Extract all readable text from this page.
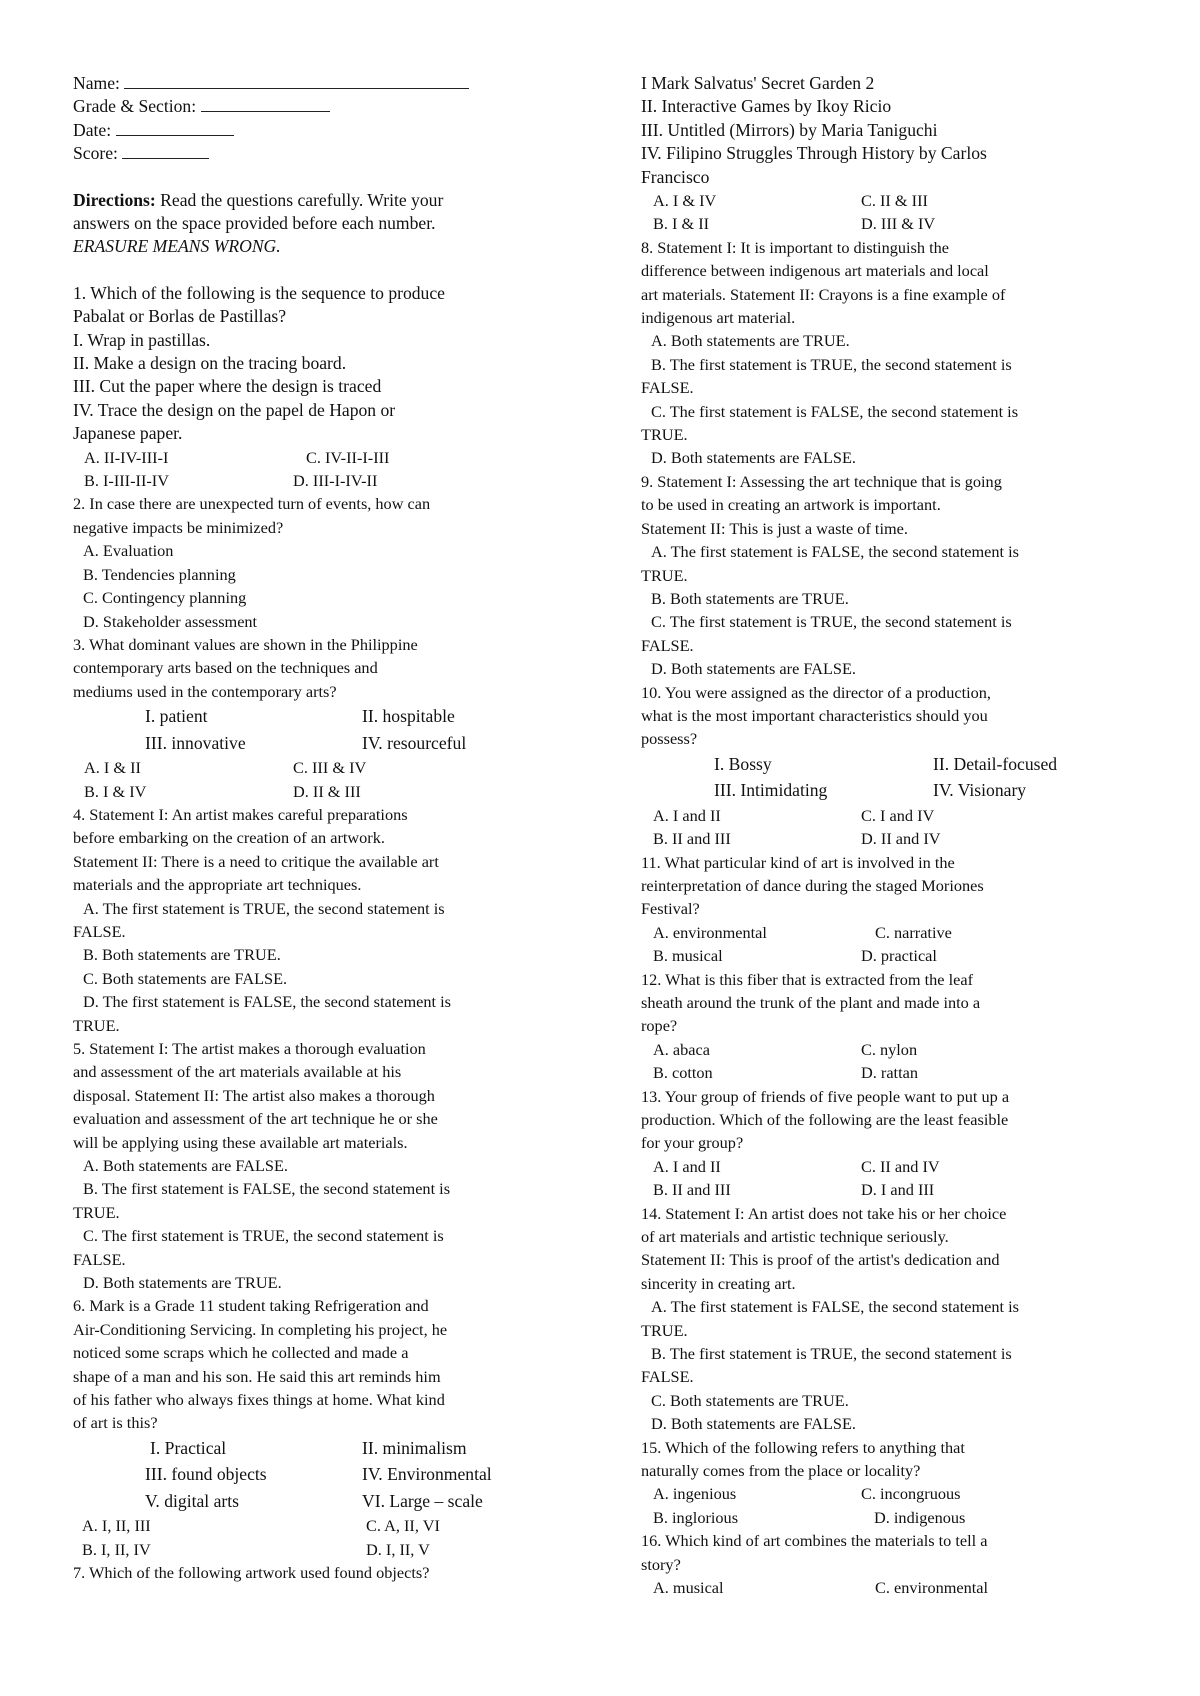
Name:
Grade & Section:
Date:
Score:
Directions: Read the questions carefully. Write your
answers on the space provided before each number.
ERASURE MEANS WRONG.
1. Which of the following is the sequence to produce
Pabalat or Borlas de Pastillas?
I. Wrap in pastillas.
II. Make a design on the tracing board.
III. Cut the paper where the design is traced
IV. Trace the design on the papel de Hapon or
Japanese paper.
A. II-IV-III-I	C. IV-II-I-III
B. I-III-II-IV	D. III-I-IV-II
2. In case there are unexpected turn of events, how can
negative impacts be minimized?
A. Evaluation
B. Tendencies planning
C. Contingency planning
D. Stakeholder assessment
3. What dominant values are shown in the Philippine
contemporary arts based on the techniques and
mediums used in the contemporary arts?
I. patient	II. hospitable
III. innovative	IV. resourceful
A. I & II	C. III & IV
B. I & IV	D. II & III
4. Statement I: An artist makes careful preparations
before embarking on the creation of an artwork.
Statement II: There is a need to critique the available art
materials and the appropriate art techniques.
A. The first statement is TRUE, the second statement is
FALSE.
B. Both statements are TRUE.
C. Both statements are FALSE.
D. The first statement is FALSE, the second statement is
TRUE.
5. Statement I: The artist makes a thorough evaluation
and assessment of the art materials available at his
disposal. Statement II: The artist also makes a thorough
evaluation and assessment of the art technique he or she
will be applying using these available art materials.
A. Both statements are FALSE.
B. The first statement is FALSE, the second statement is
TRUE.
C. The first statement is TRUE, the second statement is
FALSE.
D. Both statements are TRUE.
6. Mark is a Grade 11 student taking Refrigeration and
Air-Conditioning Servicing. In completing his project, he
noticed some scraps which he collected and made a
shape of a man and his son. He said this art reminds him
of his father who always fixes things at home. What kind
of art is this?
I. Practical	II. minimalism
III. found objects	IV. Environmental
V. digital arts	VI. Large – scale
A. I, II, III	C. A, II, VI
B. I, II, IV	D. I, II, V
7. Which of the following artwork used found objects?
I Mark Salvatus' Secret Garden 2
II. Interactive Games by Ikoy Ricio
III. Untitled (Mirrors) by Maria Taniguchi
IV. Filipino Struggles Through History by Carlos
Francisco
A. I & IV	C. II & III
B. I & II	D. III & IV
8. Statement I: It is important to distinguish the
difference between indigenous art materials and local
art materials. Statement II: Crayons is a fine example of
indigenous art material.
A. Both statements are TRUE.
B. The first statement is TRUE, the second statement is
FALSE.
C. The first statement is FALSE, the second statement is
TRUE.
D. Both statements are FALSE.
9. Statement I: Assessing the art technique that is going
to be used in creating an artwork is important.
Statement II: This is just a waste of time.
A. The first statement is FALSE, the second statement is
TRUE.
B. Both statements are TRUE.
C. The first statement is TRUE, the second statement is
FALSE.
D. Both statements are FALSE.
10. You were assigned as the director of a production,
what is the most important characteristics should you
possess?
I. Bossy	II. Detail-focused
III. Intimidating	IV. Visionary
A. I and II	C. I and IV
B. II and III	D. II and IV
11. What particular kind of art is involved in the
reinterpretation of dance during the staged Moriones
Festival?
A. environmental	C. narrative
B. musical	D. practical
12. What is this fiber that is extracted from the leaf
sheath around the trunk of the plant and made into a
rope?
A. abaca	C. nylon
B. cotton	D. rattan
13. Your group of friends of five people want to put up a
production. Which of the following are the least feasible
for your group?
A. I and II	C. II and IV
B. II and III	D. I and III
14. Statement I: An artist does not take his or her choice
of art materials and artistic technique seriously.
Statement II: This is proof of the artist's dedication and
sincerity in creating art.
A. The first statement is FALSE, the second statement is
TRUE.
B. The first statement is TRUE, the second statement is
FALSE.
C. Both statements are TRUE.
D. Both statements are FALSE.
15. Which of the following refers to anything that
naturally comes from the place or locality?
A. ingenious	C. incongruous
B. inglorious	D. indigenous
16. Which kind of art combines the materials to tell a
story?
A. musical	C. environmental
